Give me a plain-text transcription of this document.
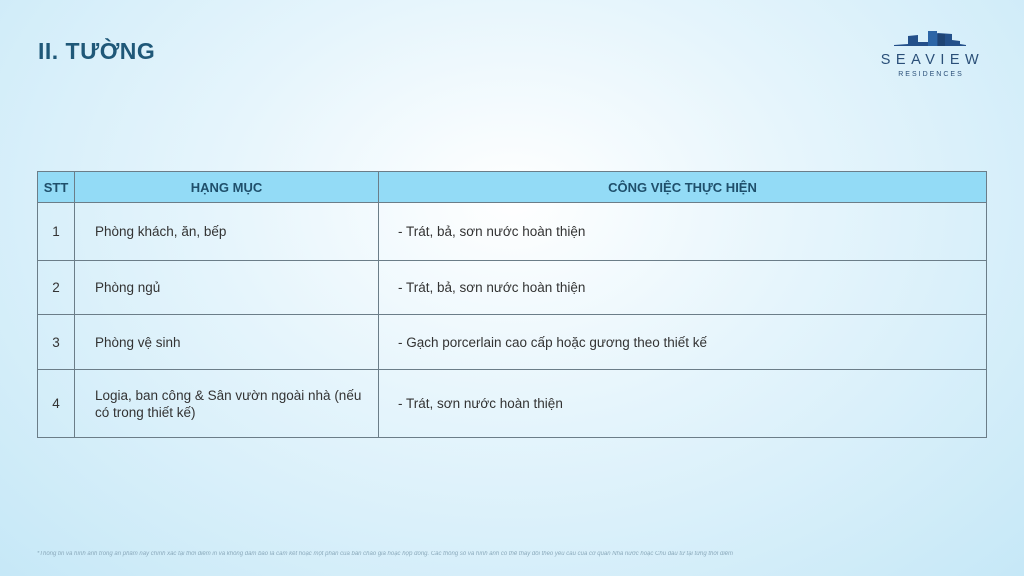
II. TƯỜNG	SEAVIEW
RESIDENCES
STT	HẠNG MỤC	CÔNG VIỆC THỰC HIỆN
1	Phòng khách, ăn, bếp	- Trát, bả, sơn nước hoàn thiện
2	Phòng ngủ	- Trát, bả, sơn nước hoàn thiện
3	Phòng vệ sinh	- Gạch porcerlain cao cấp hoặc gương theo thiết kế
4	Logia, ban công & Sân vườn ngoài nhà (nếu có trong thiết kế)	- Trát, sơn nước hoàn thiện
*Thông tin và hình ảnh trong ấn phẩm này chính xác tại thời điểm in và không đảm bảo là cam kết hoặc một phần của bản chào giá hoặc hợp đồng. Các thông số và hình ảnh có thể thay đổi theo yêu cầu của cơ quan Nhà nước hoặc Chủ đầu tư tại từng thời điểm
